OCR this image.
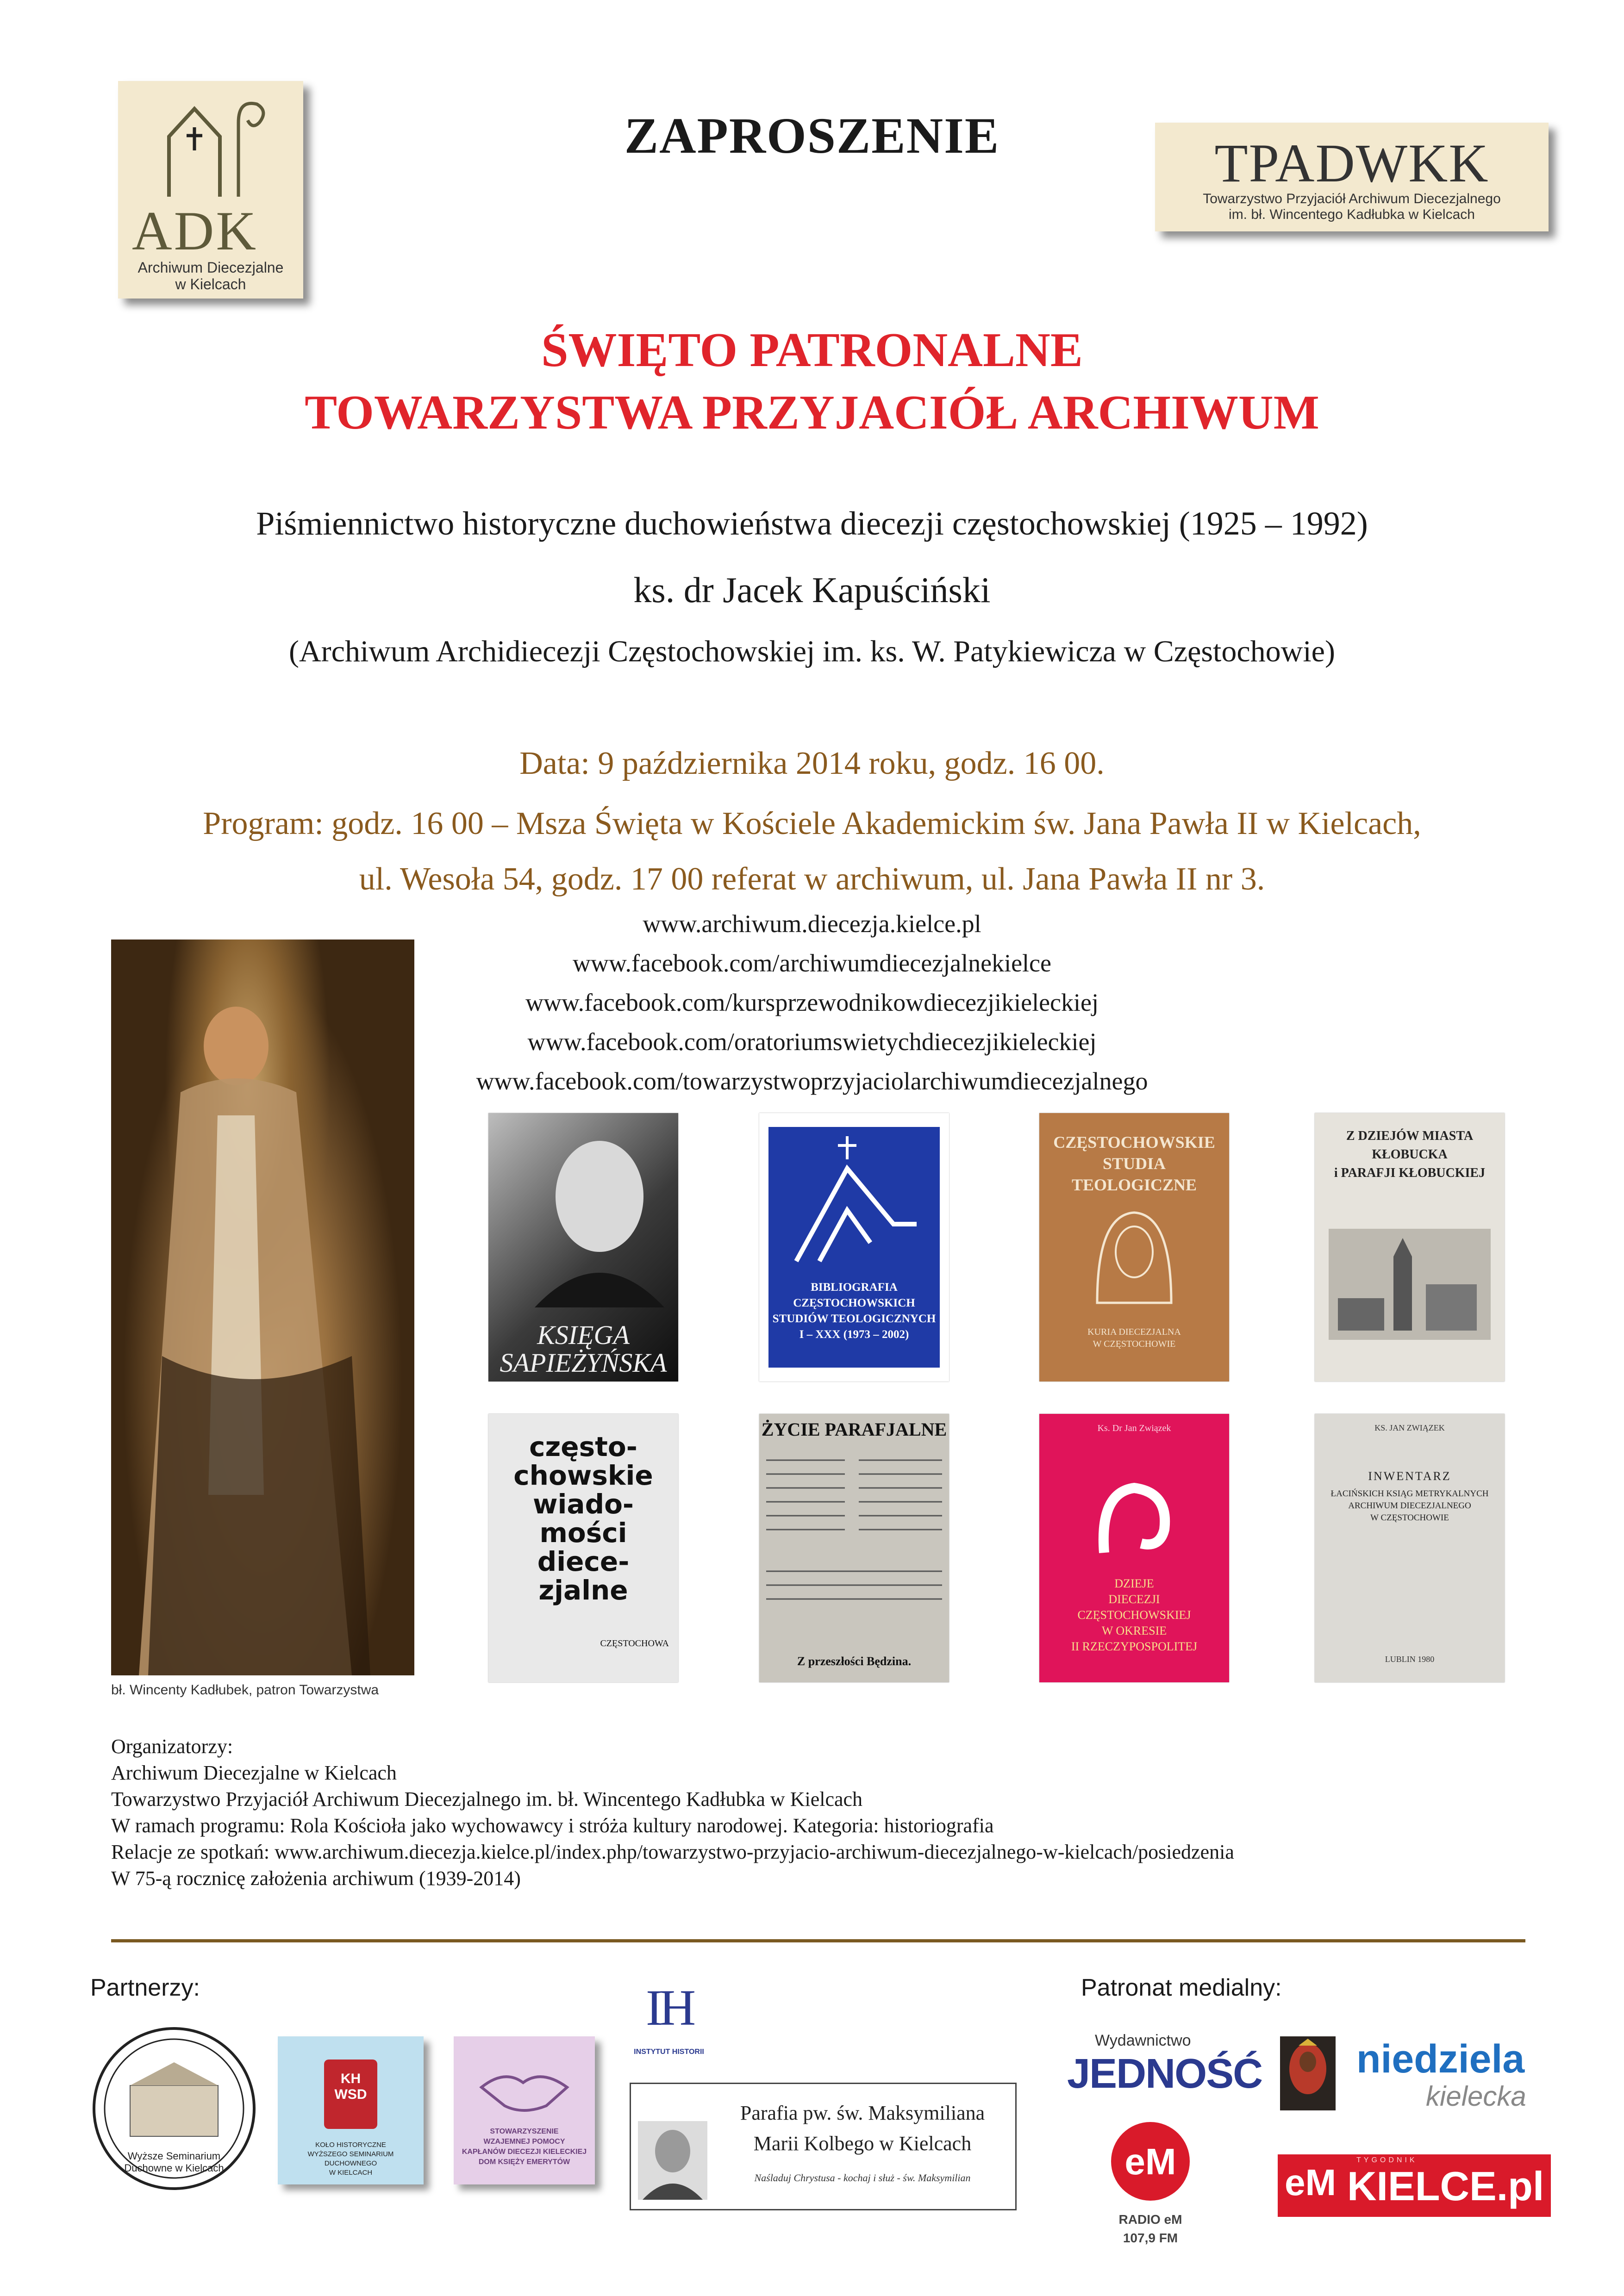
ADK
Archiwum Diecezjalne
w Kielcach
ZAPROSZENIE	TPADWKK
Towarzystwo Przyjaciół Archiwum Diecezjalnego
im. bł. Wincentego Kadłubka w Kielcach
ŚWIĘTO PATRONALNE
TOWARZYSTWA PRZYJACIÓŁ ARCHIWUM
Piśmiennictwo historyczne duchowieństwa diecezji częstochowskiej (1925 – 1992)
ks. dr Jacek Kapuściński
(Archiwum Archidiecezji Częstochowskiej im. ks. W. Patykiewicza w Częstochowie)
Data: 9 października 2014 roku, godz. 16 00.
Program: godz. 16 00 – Msza Święta w Kościele Akademickim św. Jana Pawła II w Kielcach,
ul. Wesoła 54, godz. 17 00 referat w archiwum, ul. Jana Pawła II nr 3.
www.archiwum.diecezja.kielce.pl
www.facebook.com/archiwumdiecezjalnekielce
www.facebook.com/kursprzewodnikowdiecezjikieleckiej
www.facebook.com/oratoriumswietychdiecezjikieleckiej
www.facebook.com/towarzystwoprzyjaciolarchiwumdiecezjalnego
bł. Wincenty Kadłubek, patron Towarzystwa
KSIĘGA
SAPIEŻYŃSKA
BIBLIOGRAFIA
CZĘSTOCHOWSKICH
STUDIÓW TEOLOGICZNYCH
I – XXX (1973 – 2002)
CZĘSTOCHOWSKIE
STUDIA
TEOLOGICZNE
KURIA DIECEZJALNA
W CZĘSTOCHOWIE
Z DZIEJÓW MIASTA KŁOBUCKA
i PARAFJI KŁOBUCKIEJ
często-
chowskie
wiado-
mości
diece-
zjalne
CZĘSTOCHOWA
ŻYCIE PARAFJALNE
Z przeszłości Będzina.
Ks. Dr Jan Związek
DZIEJE
DIECEZJI
CZĘSTOCHOWSKIEJ
W OKRESIE
II RZECZYPOSPOLITEJ
KS. JAN ZWIĄZEK
INWENTARZ
ŁACIŃSKICH KSIĄG METRYKALNYCH
ARCHIWUM DIECEZJALNEGO
W CZĘSTOCHOWIE
LUBLIN 1980
Organizatorzy:
Archiwum Diecezjalne w Kielcach
Towarzystwo Przyjaciół Archiwum Diecezjalnego im. bł. Wincentego Kadłubka w Kielcach
W ramach programu: Rola Kościoła jako wychowawcy i stróża kultury narodowej. Kategoria: historiografia
Relacje ze spotkań: www.archiwum.diecezja.kielce.pl/index.php/towarzystwo-przyjacio-archiwum-diecezjalnego-w-kielcach/posiedzenia
W 75-ą rocznicę założenia archiwum (1939-2014)
Partnerzy:
Wyższe Seminarium Duchowne w Kielcach
KH
WSD
KOŁO HISTORYCZNE
WYŻSZEGO SEMINARIUM DUCHOWNEGO
W KIELCACH
STOWARZYSZENIE
WZAJEMNEJ POMOCY
KAPŁANÓW DIECEZJI KIELECKIEJ
DOM KSIĘŻY EMERYTÓW
IH
INSTYTUT HISTORII
Parafia pw. św. Maksymiliana
Marii Kolbego w Kielcach
Naśladuj Chrystusa - kochaj i służ - św. Maksymilian
Patronat medialny:
Wydawnictwo
JEDNOŚĆ niedziela
kielecka
eM
RADIO eM
107,9 FM
eM
TYGODNIK
KIELCE.pl
